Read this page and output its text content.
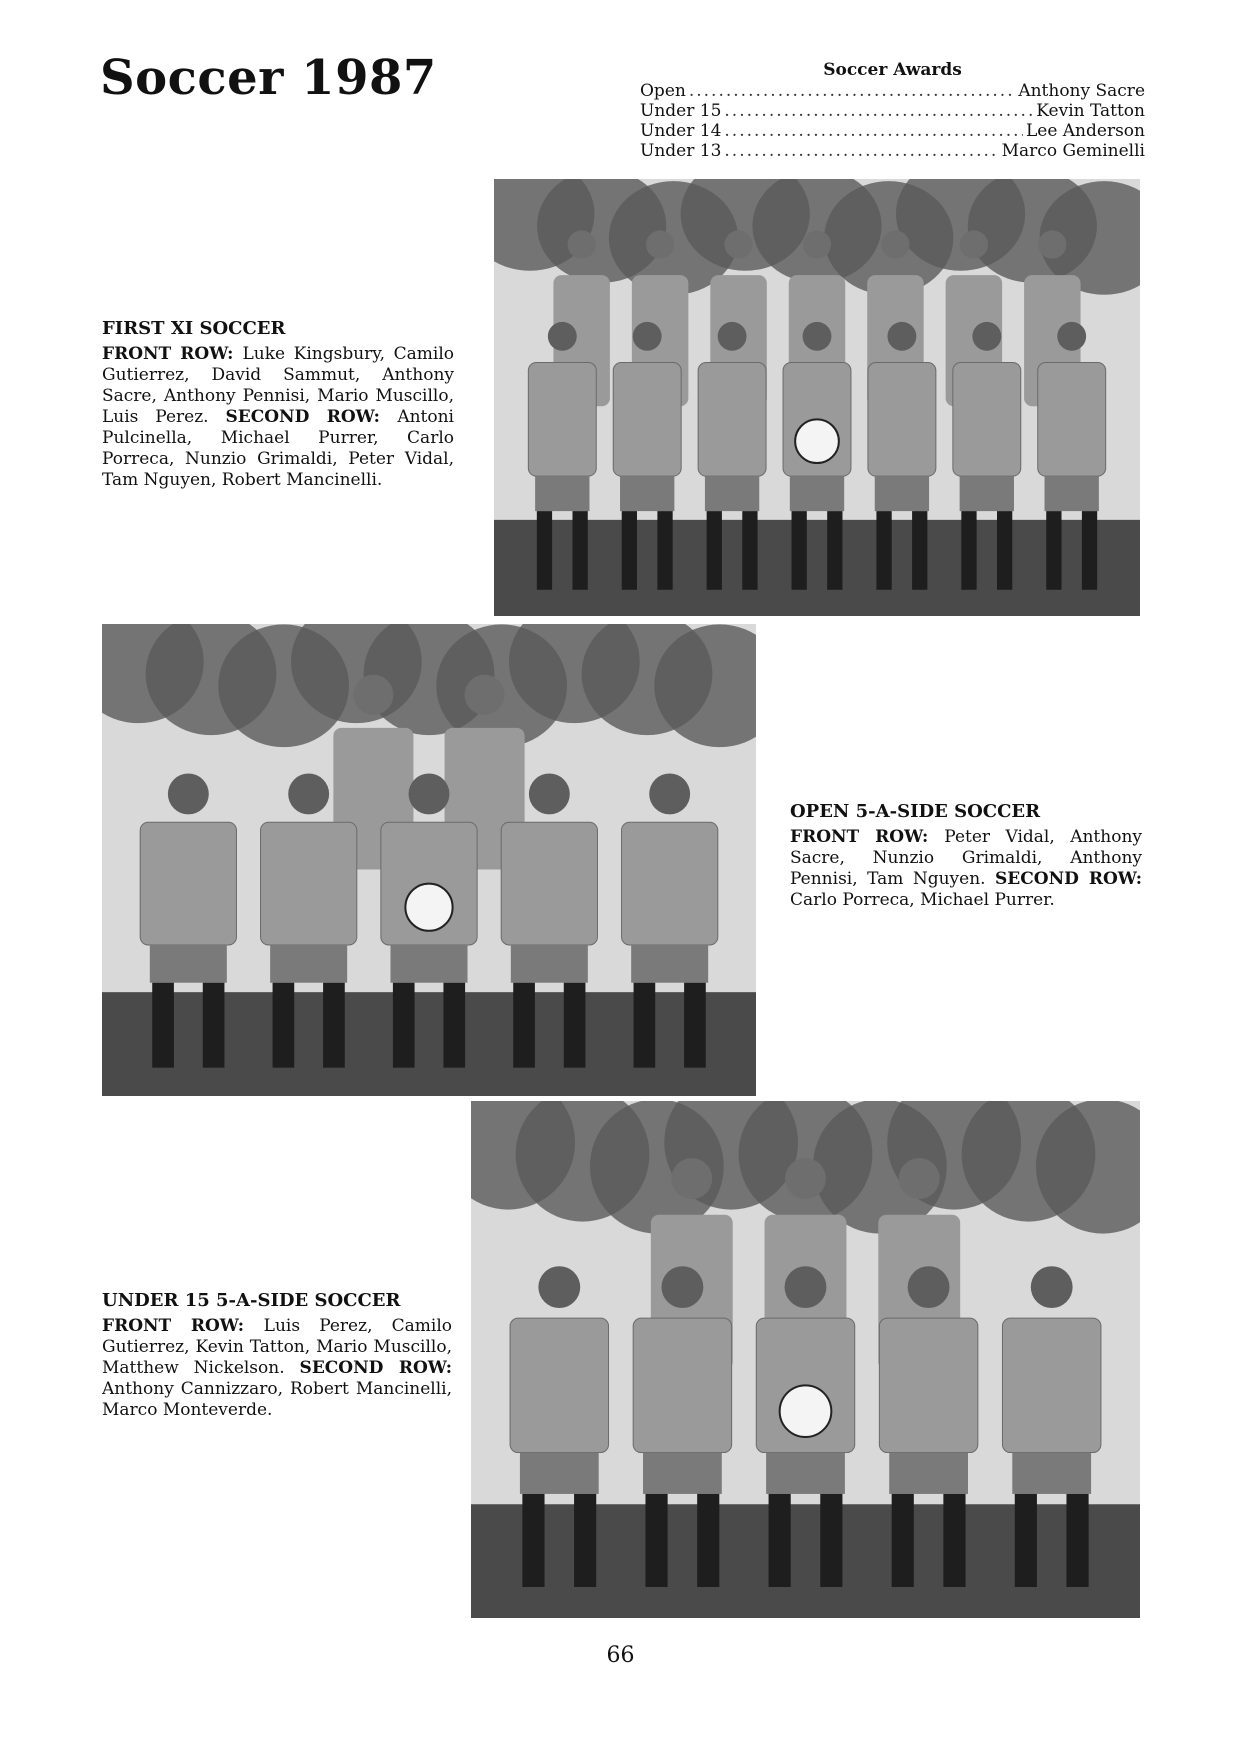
Soccer 1987	Soccer Awards
Open .....	Anthony Sacre
Under 15 .....	Kevin Tatton
Under 14 .....	Lee Anderson
Under 13 .....	Marco Geminelli
FIRST XI SOCCER
FRONT ROW: Luke Kingsbury, Camilo Gutierrez, David Sammut, Anthony Sacre, Anthony Pennisi, Mario Muscillo, Luis Perez. SECOND ROW: Antoni Pulcinella, Michael Purrer, Carlo Porreca, Nunzio Grimaldi, Peter Vidal, Tam Nguyen, Robert Mancinelli.
OPEN 5-A-SIDE SOCCER
FRONT ROW: Peter Vidal, Anthony Sacre, Nunzio Grimaldi, Anthony Pennisi, Tam Nguyen. SECOND ROW: Carlo Porreca, Michael Purrer.
UNDER 15 5-A-SIDE SOCCER
FRONT ROW: Luis Perez, Camilo Gutierrez, Kevin Tatton, Mario Muscillo, Matthew Nickelson. SECOND ROW: Anthony Cannizzaro, Robert Mancinelli, Marco Monteverde.
66
